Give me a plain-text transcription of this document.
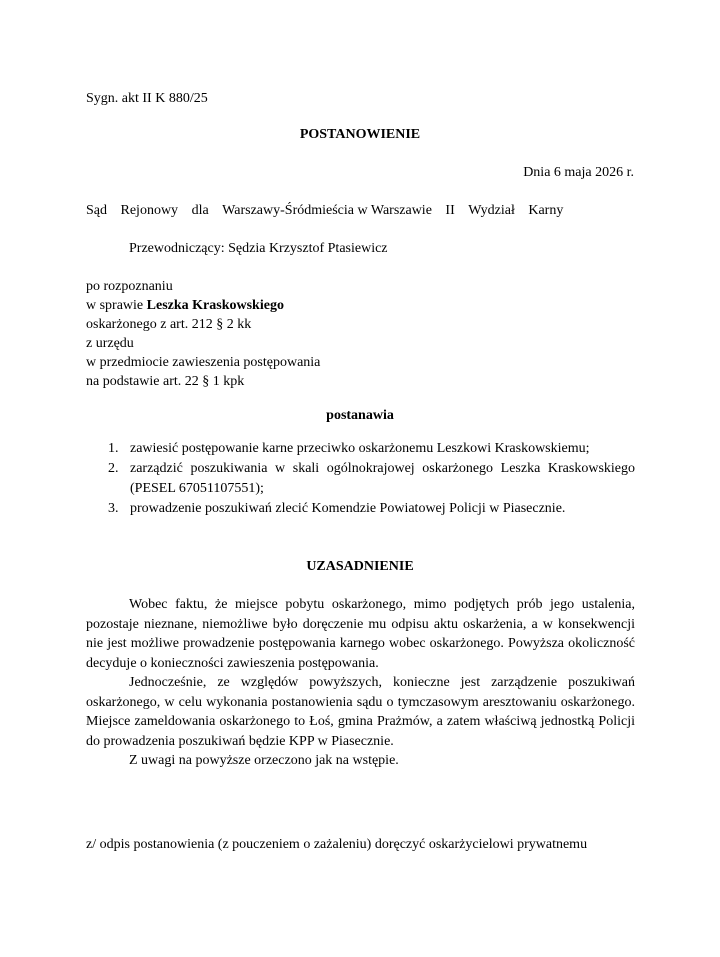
Sygn. akt II K 880/25
POSTANOWIENIE
Dnia 6 maja 2026 r.
Sąd Rejonowy dla Warszawy-Śródmieścia w Warszawie II Wydział Karny
Przewodniczący: Sędzia Krzysztof Ptasiewicz
po rozpoznaniu
w sprawie Leszka Kraskowskiego
oskarżonego z art. 212 § 2 kk
z urzędu
w przedmiocie zawieszenia postępowania
na podstawie art. 22 § 1 kpk
postanawia
1. zawiesić postępowanie karne przeciwko oskarżonemu Leszkowi Kraskowskiemu;
2. zarządzić poszukiwania w skali ogólnokrajowej oskarżonego Leszka Kraskowskiego (PESEL 67051107551);
3. prowadzenie poszukiwań zlecić Komendzie Powiatowej Policji w Piasecznie.
UZASADNIENIE

Wobec faktu, że miejsce pobytu oskarżonego, mimo podjętych prób jego ustalenia, pozostaje nieznane, niemożliwe było doręczenie mu odpisu aktu oskarżenia, a w konsekwencji nie jest możliwe prowadzenie postępowania karnego wobec oskarżonego. Powyższa okoliczność decyduje o konieczności zawieszenia postępowania.

Jednocześnie, ze względów powyższych, konieczne jest zarządzenie poszukiwań oskarżonego, w celu wykonania postanowienia sądu o tymczasowym aresztowaniu oskarżonego. Miejsce zameldowania oskarżonego to Łoś, gmina Prażmów, a zatem właściwą jednostką Policji do prowadzenia poszukiwań będzie KPP w Piasecznie.

Z uwagi na powyższe orzeczono jak na wstępie.

z/ odpis postanowienia (z pouczeniem o zażaleniu) doręczyć oskarżycielowi prywatnemu
